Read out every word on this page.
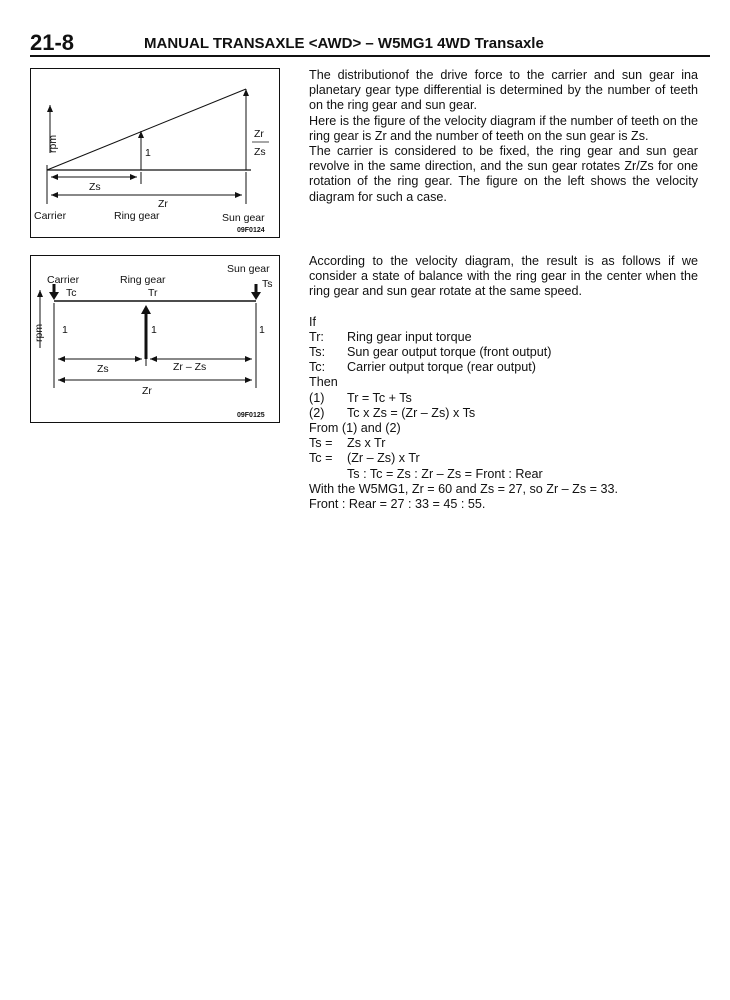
21-8	MANUAL TRANSAXLE <AWD> – W5MG1 4WD Transaxle
rpm	1
Zr
Zs
Zs
Zr
Carrier	Ring gear	Sun gear
09F0124
Sun gear
Carrier	Ring gear	Ts
Tc	Tr
rpm 1	1	1
Zs	Zr – Zs
Zr
09F0125

The distributionof the drive force to the carrier and sun gear ina planetary gear type differential is determined by the number of teeth on the ring gear and sun gear.

Here is the figure of the velocity diagram if the number of teeth on the ring gear is Zr and the number of teeth on the sun gear is Zs.

The carrier is considered to be fixed, the ring gear and sun gear revolve in the same direction, and the sun gear rotates Zr/Zs for one rotation of the ring gear. The figure on the left shows the velocity diagram for such a case.

According to the velocity diagram, the result is as follows if we consider a state of balance with the ring gear in the center when the ring gear and sun gear rotate at the same speed.

If
Tr: Ring gear input torque
Ts: Sun gear output torque (front output)
Tc: Carrier output torque (rear output)
Then
(1) Tr = Tc + Ts
(2) Tc x Zs = (Zr – Zs) x Ts
From (1) and (2)
Ts = Zs x Tr
Tc = (Zr – Zs) x Tr
Ts : Tc = Zs : Zr – Zs = Front : Rear
With the W5MG1, Zr = 60 and Zs = 27, so Zr – Zs = 33.
Front : Rear = 27 : 33 = 45 : 55.
